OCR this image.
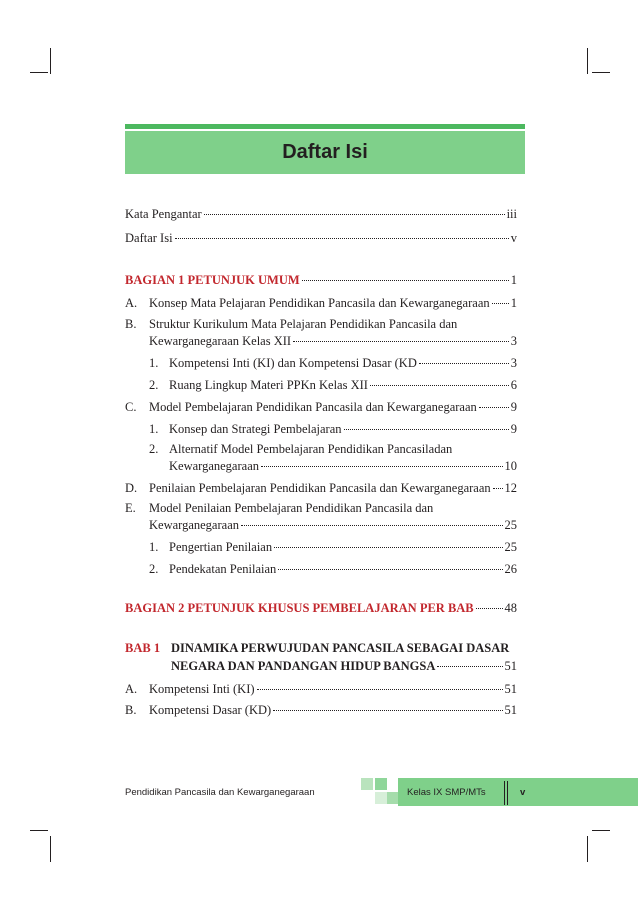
Daftar Isi
Kata Pengantar	iii
Daftar Isi	v
BAGIAN 1 PETUNJUK UMUM	1
A. Konsep Mata Pelajaran Pendidikan Pancasila dan Kewarganegaraan 1
B. Struktur Kurikulum Mata Pelajaran Pendidikan Pancasila dan
Kewarganegaraan Kelas XII	3
1. Kompetensi Inti (KI) dan Kompetensi Dasar (KD	3
2. Ruang Lingkup Materi PPKn Kelas XII	6
C.	Model Pembelajaran Pendidikan Pancasila dan Kewarganegaraan	9
1. Konsep dan Strategi Pembelajaran	9
2. Alternatif Model Pembelajaran Pendidikan Pancasiladan
Kewarganegaraan	10
D. Penilaian Pembelajaran Pendidikan Pancasila dan Kewarganegaraan 12
E. Model Penilaian Pembelajaran Pendidikan Pancasila dan
Kewarganegaraan	25
1. Pengertian Penilaian	25
2. Pendekatan Penilaian	26
BAGIAN 2 PETUNJUK KHUSUS PEMBELAJARAN PER BAB 48
BAB 1 DINAMIKA PERWUJUDAN PANCASILA SEBAGAI DASAR
NEGARA DAN PANDANGAN HIDUP BANGSA	51
A. Kompetensi Inti (KI)	51
B.	Kompetensi Dasar (KD)	51
Pendidikan Pancasila dan Kewarganegaraan	Kelas IX SMP/MTs	v
